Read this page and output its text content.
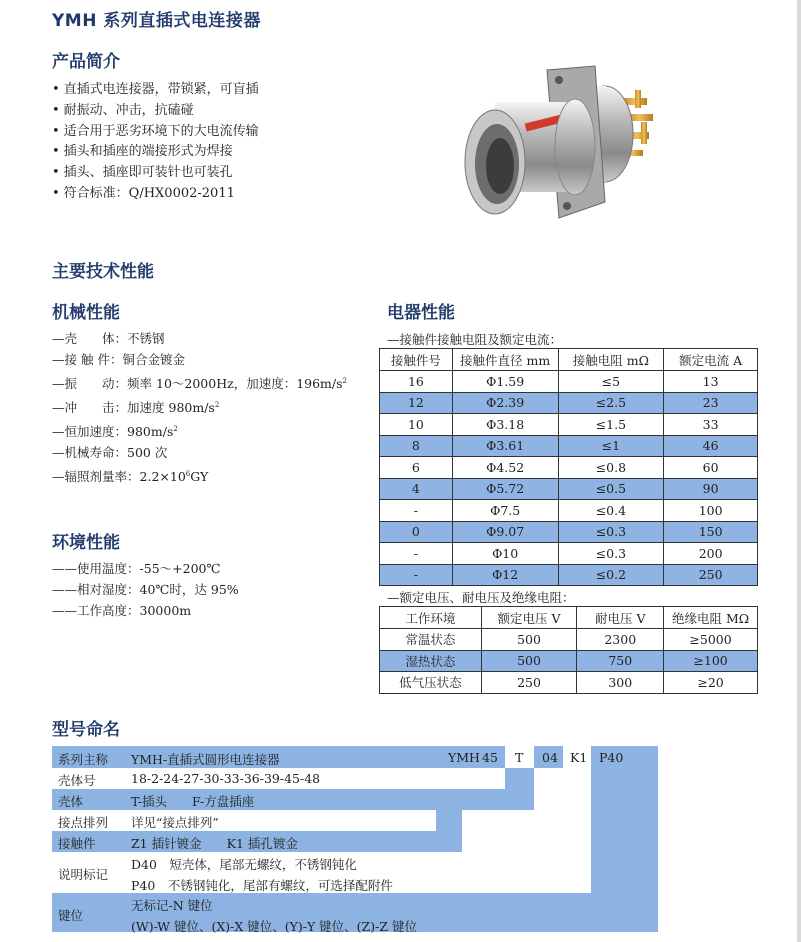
YMH 系列直插式电连接器
产品简介
• 直插式电连接器，带锁紧，可盲插
• 耐振动、冲击，抗磕碰
• 适合用于恶劣环境下的大电流传输
• 插头和插座的端接形式为焊接
• 插头、插座即可装针也可装孔
• 符合标准：Q/HX0002-2011
主要技术性能
机械性能
—壳　　体：不锈钢
—接 触 件：铜合金镀金
—振　　动：频率 10～2000Hz，加速度：$196m/s^2$
—冲　　击：加速度 $980m/s^2$
—恒加速度：$980m/s^2$
—机械寿命：500 次
—辐照剂量率：$2.2\times 10^6GY$
环境性能
——使用温度：-55～+200℃
——相对湿度：40℃时，达 95%
——工作高度：30000m
电器性能
—接触件接触电阻及额定电流：
接触件号	接触件直径 mm	接触电阻 mΩ	额定电流 A
16	Φ1.59	≤5	13
12	Φ2.39	≤2.5	23
10	Φ3.18	≤1.5	33
8	Φ3.61	≤1	46
6	Φ4.52	≤0.8	60
4	Φ5.72	≤0.5	90
-	Φ7.5	≤0.4	100
0	Φ9.07	≤0.3	150
-	Φ10	≤0.3	200
-	Φ12	≤0.2	250
—额定电压、耐电压及绝缘电阻：
工作环境	额定电压 V	耐电压 V	绝缘电阻 MΩ
常温状态	500	2300	≥5000
湿热状态	500	750	≥100
低气压状态	250	300	≥20
型号命名
YMH 45 T 04 K1 P40
系列主称 YMH-直插式圆形电连接器
壳体号	18-2-24-27-30-33-36-39-45-48
壳体	T-插头　　F-方盘插座
接点排列 详见“接点排列”
接触件	Z1 插针镀金　　K1 插孔镀金
说明标记
D40　短壳体，尾部无螺纹，不锈钢钝化
P40　不锈钢钝化，尾部有螺纹，可选择配附件
键位
无标记-N 键位
(W)-W 键位、(X)-X 键位、(Y)-Y 键位、(Z)-Z 键位
